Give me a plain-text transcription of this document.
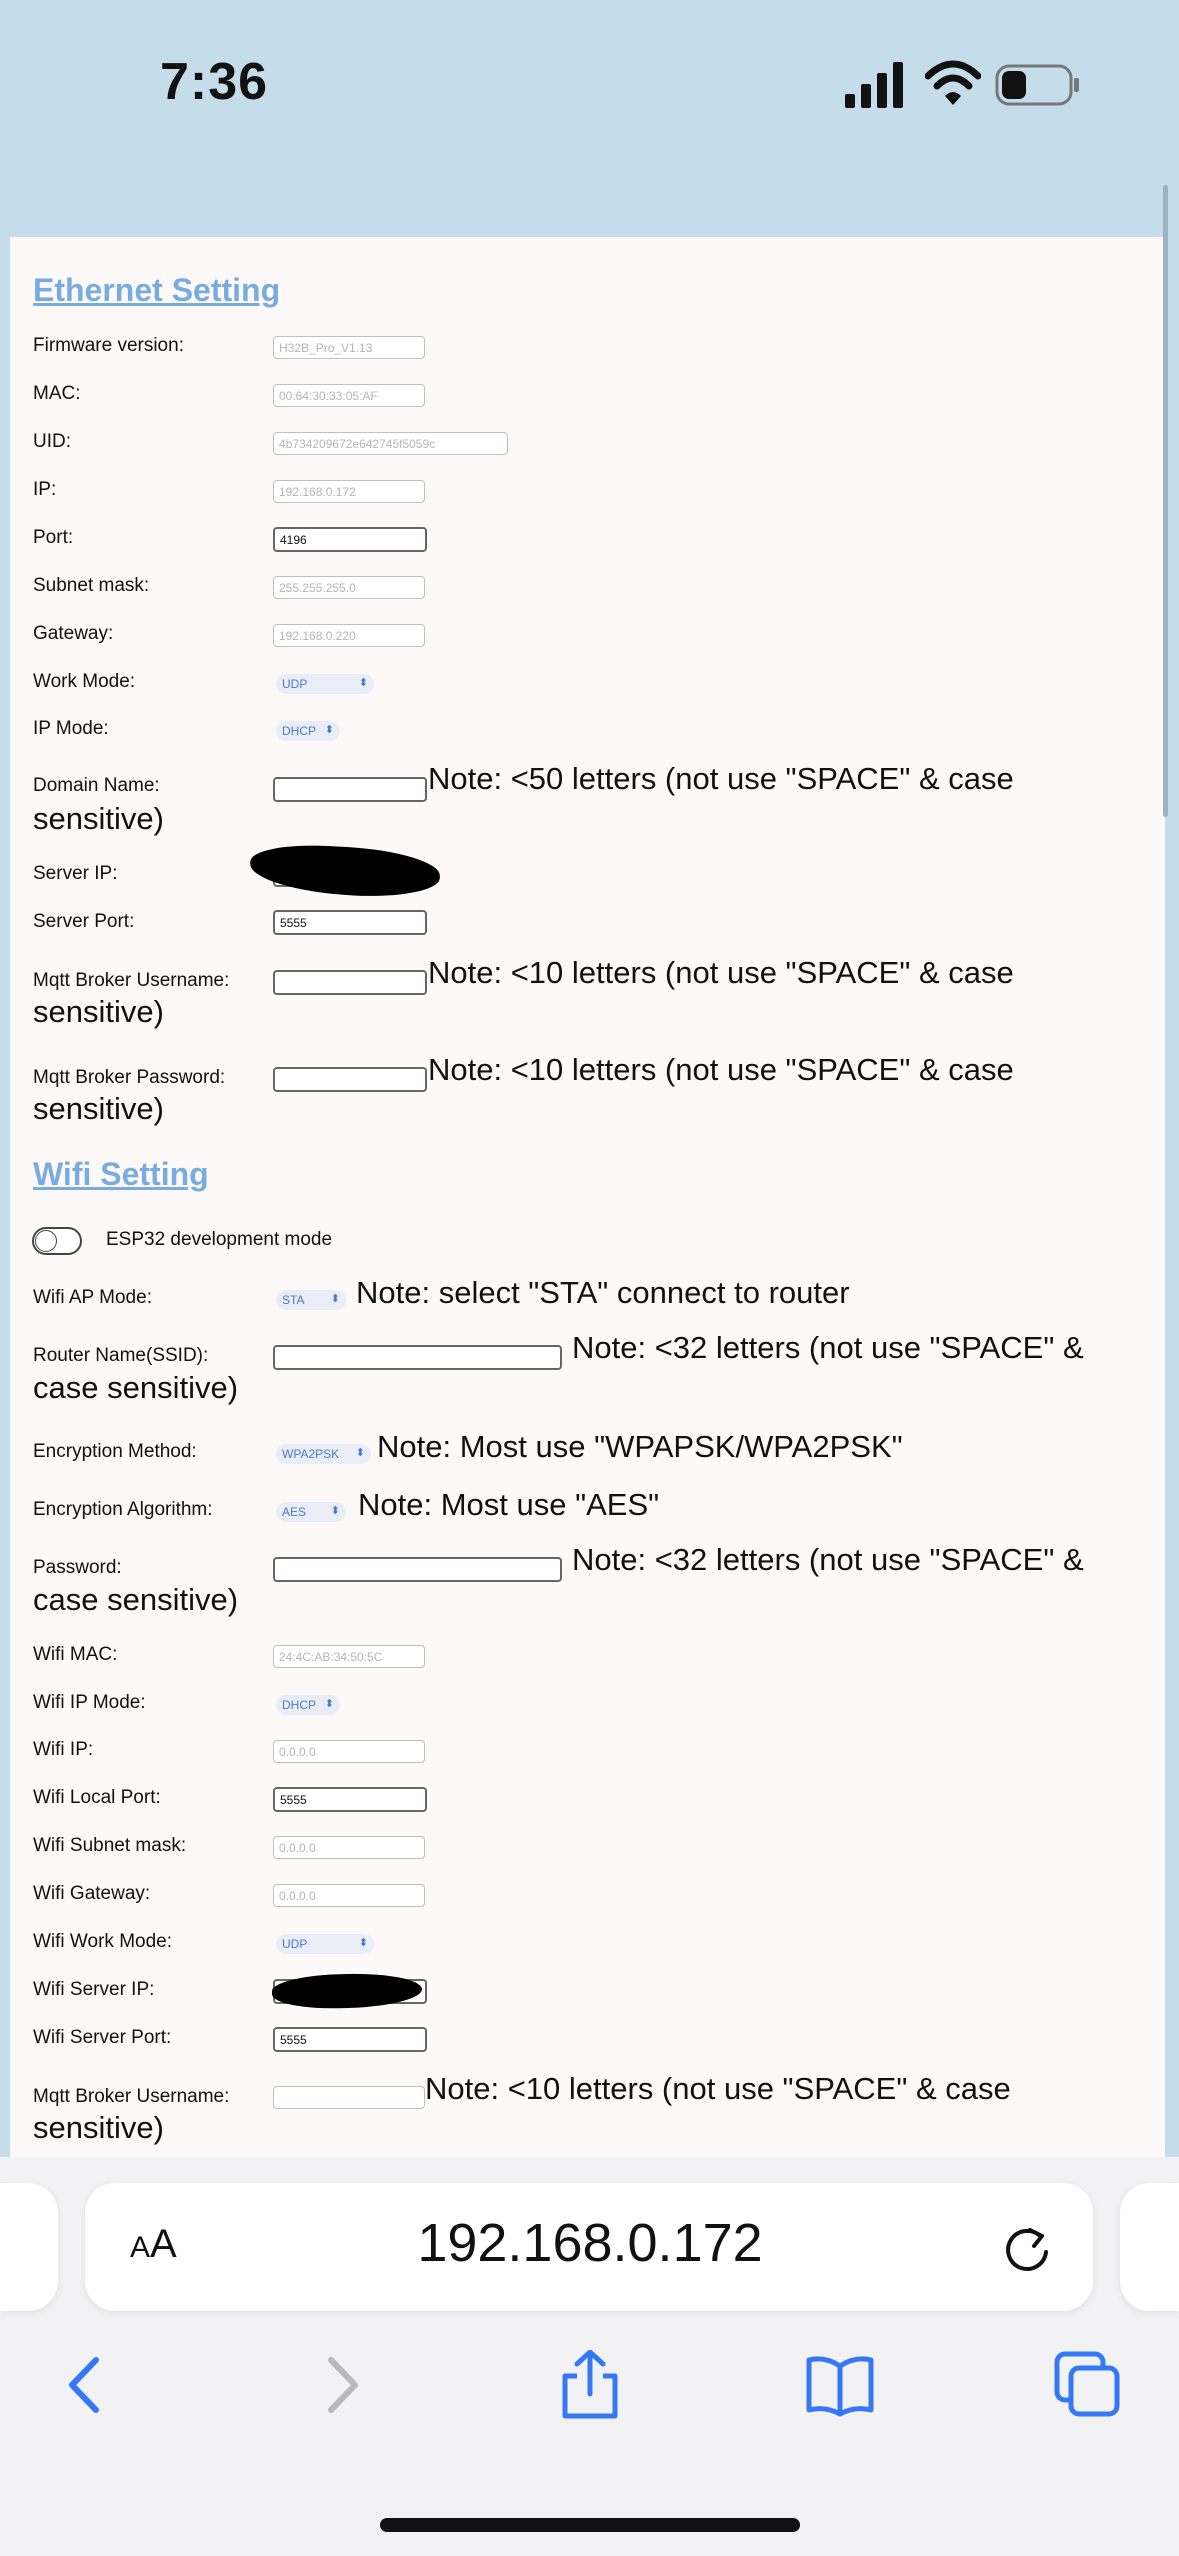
7:36
Ethernet Setting
Firmware version:	H32B_Pro_V1.13
MAC:	00:64:30:33:05:AF
UID:	4b734209672e642745f5059c
IP:	192.168.0.172
Port:	4196
Subnet mask:	255.255.255.0
Gateway:	192.168.0.220
Work Mode:	UDP	⬍
IP Mode:	DHCP ⬍
Domain Name:	Note: <50 letters (not use "SPACE" & case
sensitive)
Server IP:
Server Port:	5555
Mqtt Broker Username:	Note: <10 letters (not use "SPACE" & case
sensitive)
Mqtt Broker Password:	Note: <10 letters (not use "SPACE" & case
sensitive)
Wifi Setting
ESP32 development mode
Wifi AP Mode:	STA ⬍ Note: select "STA" connect to router
Router Name(SSID):	Note: <32 letters (not use "SPACE" &
case sensitive)
Encryption Method:	WPA2PSK ⬍ Note: Most use "WPAPSK/WPA2PSK"
Encryption Algorithm:	AES ⬍ Note: Most use "AES"
Password:	Note: <32 letters (not use "SPACE" &
case sensitive)
Wifi MAC:	24:4C:AB:34:50:5C
Wifi IP Mode:	DHCP ⬍
Wifi IP:	0.0.0.0
Wifi Local Port:	5555
Wifi Subnet mask:	0.0.0.0
Wifi Gateway:	0.0.0.0
Wifi Work Mode:	UDP	⬍
Wifi Server IP:
Wifi Server Port:	5555
Mqtt Broker Username:	Note: <10 letters (not use "SPACE" & case
sensitive)
AA	192.168.0.172
